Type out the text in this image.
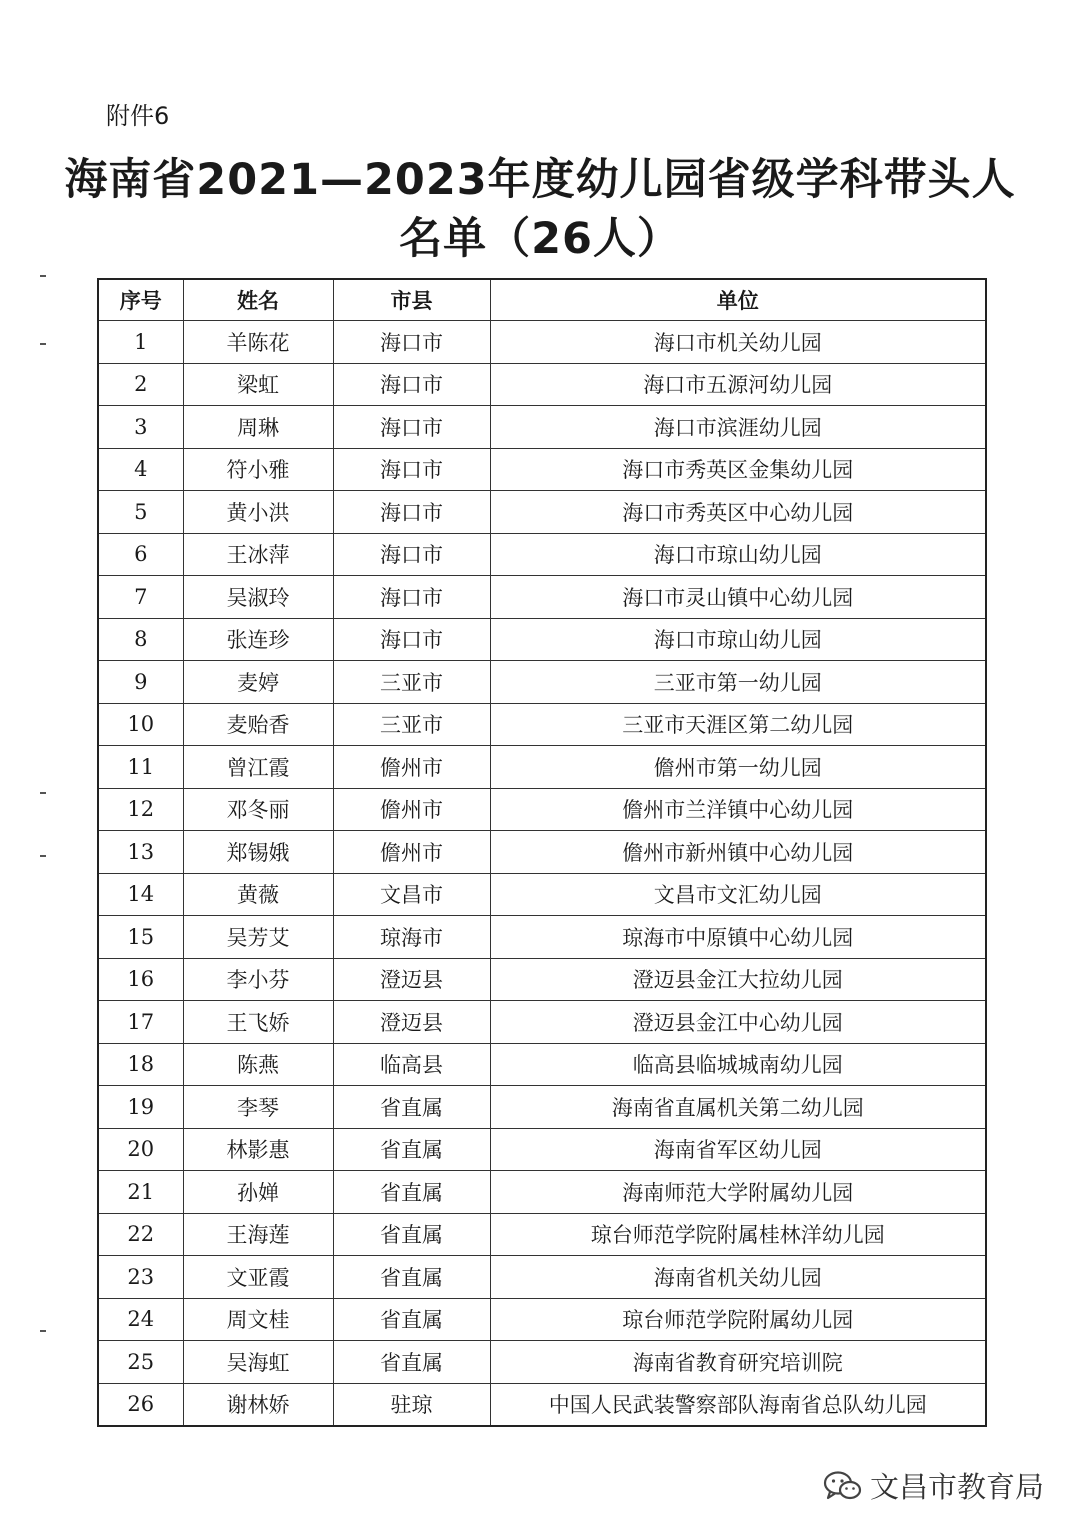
附件6
海南省2021—2023年度幼儿园省级学科带头人
名单（26人）
序号	姓名	市县	单位
1	羊陈花	海口市	海口市机关幼儿园
2	梁虹	海口市	海口市五源河幼儿园
3	周琳	海口市	海口市滨涯幼儿园
4	符小雅	海口市	海口市秀英区金集幼儿园
5	黄小洪	海口市	海口市秀英区中心幼儿园
6	王冰萍	海口市	海口市琼山幼儿园
7	吴淑玲	海口市	海口市灵山镇中心幼儿园
8	张连珍	海口市	海口市琼山幼儿园
9	麦婷	三亚市	三亚市第一幼儿园
10	麦贻香	三亚市	三亚市天涯区第二幼儿园
11	曾江霞	儋州市	儋州市第一幼儿园
12	邓冬丽	儋州市	儋州市兰洋镇中心幼儿园
13	郑锡娥	儋州市	儋州市新州镇中心幼儿园
14	黄薇	文昌市	文昌市文汇幼儿园
15	吴芳艾	琼海市	琼海市中原镇中心幼儿园
16	李小芬	澄迈县	澄迈县金江大拉幼儿园
17	王飞娇	澄迈县	澄迈县金江中心幼儿园
18	陈燕	临高县	临高县临城城南幼儿园
19	李琴	省直属	海南省直属机关第二幼儿园
20	林影惠	省直属	海南省军区幼儿园
21	孙婵	省直属	海南师范大学附属幼儿园
22	王海莲	省直属	琼台师范学院附属桂林洋幼儿园
23	文亚霞	省直属	海南省机关幼儿园
24	周文桂	省直属	琼台师范学院附属幼儿园
25	吴海虹	省直属	海南省教育研究培训院
26	谢林娇	驻琼	中国人民武装警察部队海南省总队幼儿园
文昌市教育局
